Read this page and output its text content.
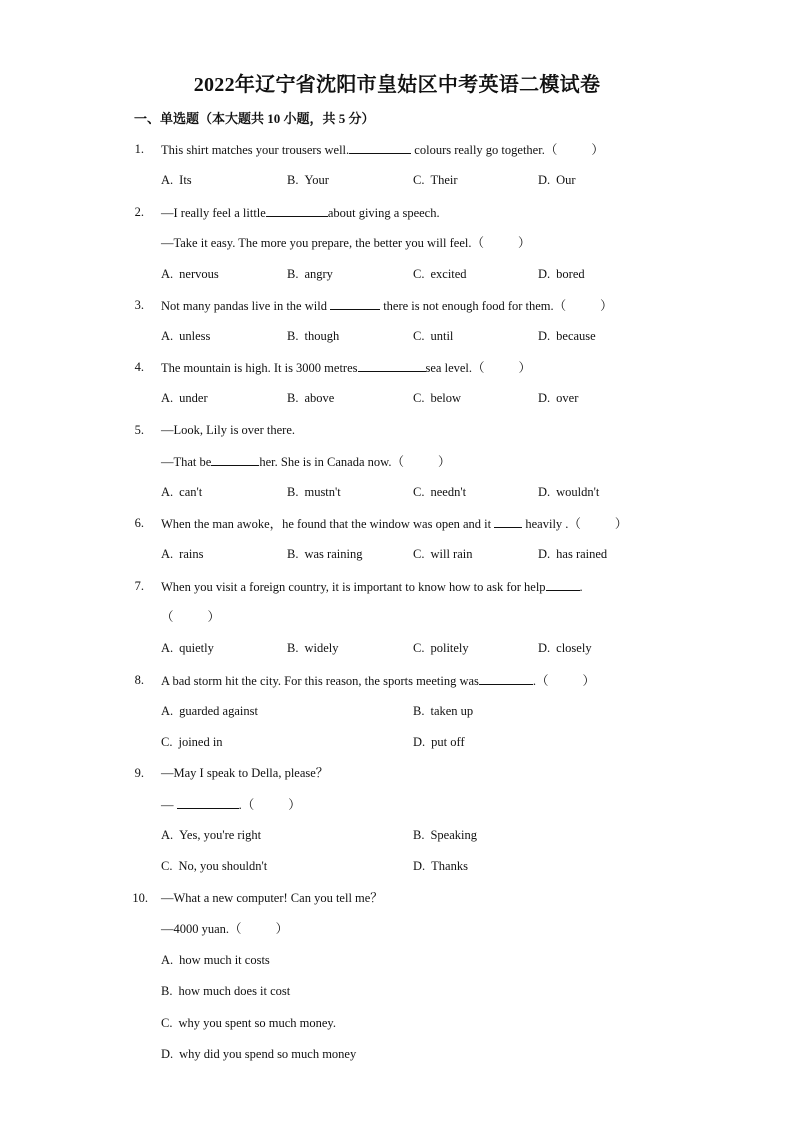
2022年辽宁省沈阳市皇姑区中考英语二模试卷
一、单选题（本大题共 10 小题，共 5 分）
1. This shirt matches your trousers well.	colours really go together.（	）
A. Its	B. Your	C. Their	D. Our
2. —I really feel a little	about giving a speech.
—Take it easy. The more you prepare, the better you will feel.（	）
A. nervous	B. angry	C. excited	D. bored
3. Not many pandas live in the wild	there is not enough food for them.（	）
A. unless	B. though	C. until	D. because
4. The mountain is high. It is 3000 metres	sea level.（	）
A. under	B. above	C. below	D. over
5. —Look, Lily is over there.
—That be	her. She is in Canada now.（	）
A. can't	B. mustn't	C. needn't	D. wouldn't
6. When the man awoke，he found that the window was open and it  heavily .（	）
A. rains	B. was raining	C. will rain	D. has rained
7. When you visit a foreign country, it is important to know how to ask for help	.
（	）
A. quietly	B. widely	C. politely	D. closely
8. A bad storm hit the city. For this reason, the sports meeting was	.（	）
A. guarded against	B. taken up
C. joined in	D. put off
9. —May I speak to Della, please？
—	.（	）
A. Yes, you're right	B. Speaking
C. No, you shouldn't	D. Thanks
10. —What a new computer! Can you tell me？
—4000 yuan.（	）
A. how much it costs
B. how much does it cost
C. why you spent so much money.
D. why did you spend so much money
